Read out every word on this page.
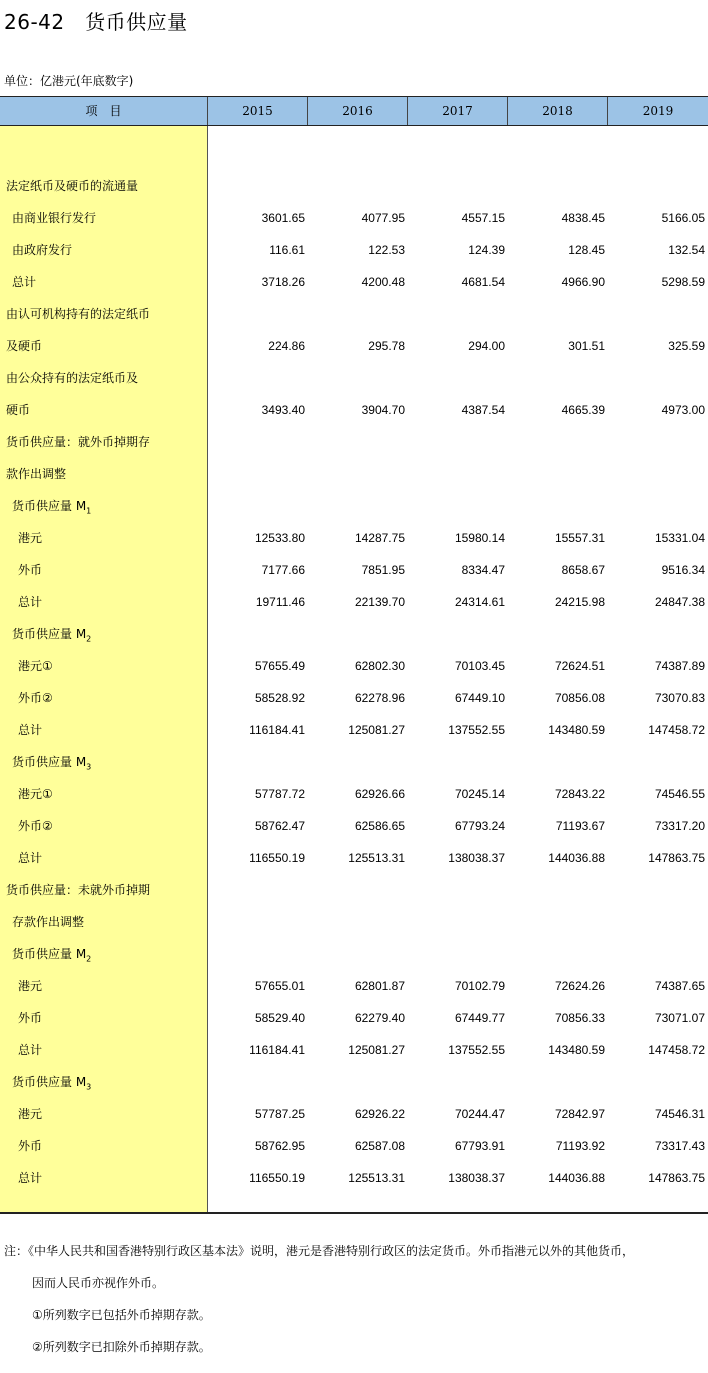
26-42　货币供应量
单位：亿港元(年底数字)
项　目	2015	2016	2017	2018	2019
法定纸币及硬币的流通量
由商业银行发行	3601.65	4077.95	4557.15	4838.45	5166.05
由政府发行	116.61	122.53	124.39	128.45	132.54
总计	3718.26	4200.48	4681.54	4966.90	5298.59
由认可机构持有的法定纸币
及硬币	224.86	295.78	294.00	301.51	325.59
由公众持有的法定纸币及
硬币	3493.40	3904.70	4387.54	4665.39	4973.00
货币供应量：就外币掉期存
款作出调整
货币供应量 $M_1$
港元	12533.80	14287.75	15980.14	15557.31	15331.04
外币	7177.66	7851.95	8334.47	8658.67	9516.34
总计	19711.46	22139.70	24314.61	24215.98	24847.38
货币供应量 $M_2$
港元①	57655.49	62802.30	70103.45	72624.51	74387.89
外币②	58528.92	62278.96	67449.10	70856.08	73070.83
总计	116184.41	125081.27	137552.55	143480.59	147458.72
货币供应量 $M_3$
港元①	57787.72	62926.66	70245.14	72843.22	74546.55
外币②	58762.47	62586.65	67793.24	71193.67	73317.20
总计	116550.19	125513.31	138038.37	144036.88	147863.75
货币供应量：未就外币掉期
存款作出调整
货币供应量 $M_2$
港元	57655.01	62801.87	70102.79	72624.26	74387.65
外币	58529.40	62279.40	67449.77	70856.33	73071.07
总计	116184.41	125081.27	137552.55	143480.59	147458.72
货币供应量 $M_3$
港元	57787.25	62926.22	70244.47	72842.97	74546.31
外币	58762.95	62587.08	67793.91	71193.92	73317.43
总计	116550.19	125513.31	138038.37	144036.88	147863.75
注：《中华人民共和国香港特别行政区基本法》说明，港元是香港特别行政区的法定货币。外币指港元以外的其他货币，
因而人民币亦视作外币。
①所列数字已包括外币掉期存款。
②所列数字已扣除外币掉期存款。
